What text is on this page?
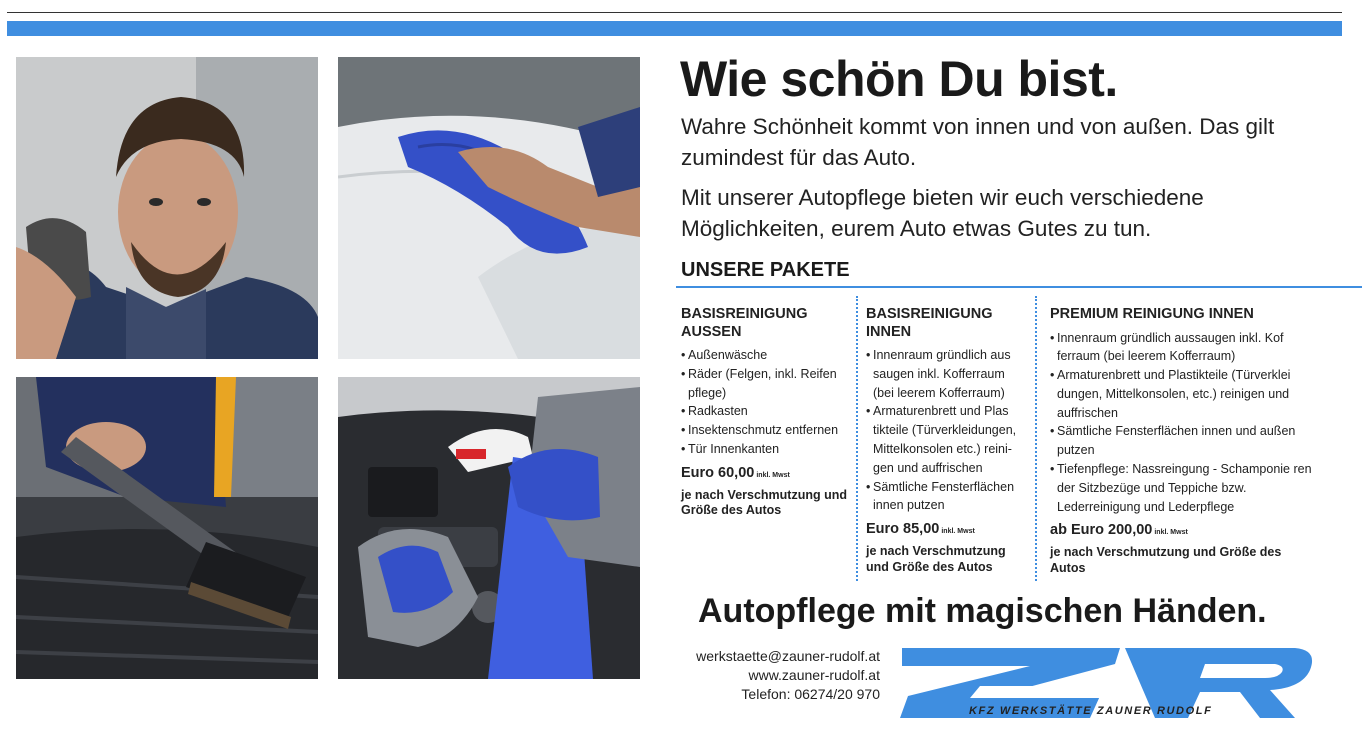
Wie schön Du bist.
Wahre Schönheit kommt von innen und von außen. Das gilt zumindest für das Auto.
Mit unserer Autopflege bieten wir euch verschiedene Möglichkeiten, eurem Auto etwas Gutes zu tun.
UNSERE PAKETE
BASISREINIGUNG AUSSEN
• Außenwäsche
• Räder (Felgen, inkl. Reifen pflege)
• Radkasten
• Insektenschmutz entfernen
• Tür Innenkanten
Euro 60,00 inkl. Mwst
je nach Verschmutzung und Größe des Autos
BASISREINIGUNG INNEN
• Innenraum gründlich aus saugen inkl. Kofferraum (bei leerem Kofferraum)
• Armaturenbrett und Plas tikteile (Türverkleidungen, Mittelkonsolen etc.) reini- gen und auffrischen
• Sämtliche Fensterflächen innen putzen
Euro 85,00 inkl. Mwst
je nach Verschmutzung und Größe des Autos
PREMIUM REINIGUNG INNEN
• Innenraum gründlich aussaugen inkl. Kof ferraum (bei leerem Kofferraum)
• Armaturenbrett und Plastikteile (Türverklei dungen, Mittelkonsolen, etc.) reinigen und auffrischen
• Sämtliche Fensterflächen innen und außen putzen
• Tiefenpflege: Nassreingung - Schamponie ren der Sitzbezüge und Teppiche bzw. Lederreinigung und Lederpflege
ab Euro 200,00 inkl. Mwst
je nach Verschmutzung und Größe des Autos
Autopflege mit magischen Händen.
werkstaette@zauner-rudolf.at
www.zauner-rudolf.at
Telefon: 06274/20 970
KFZ WERKSTÄTTE ZAUNER RUDOLF
